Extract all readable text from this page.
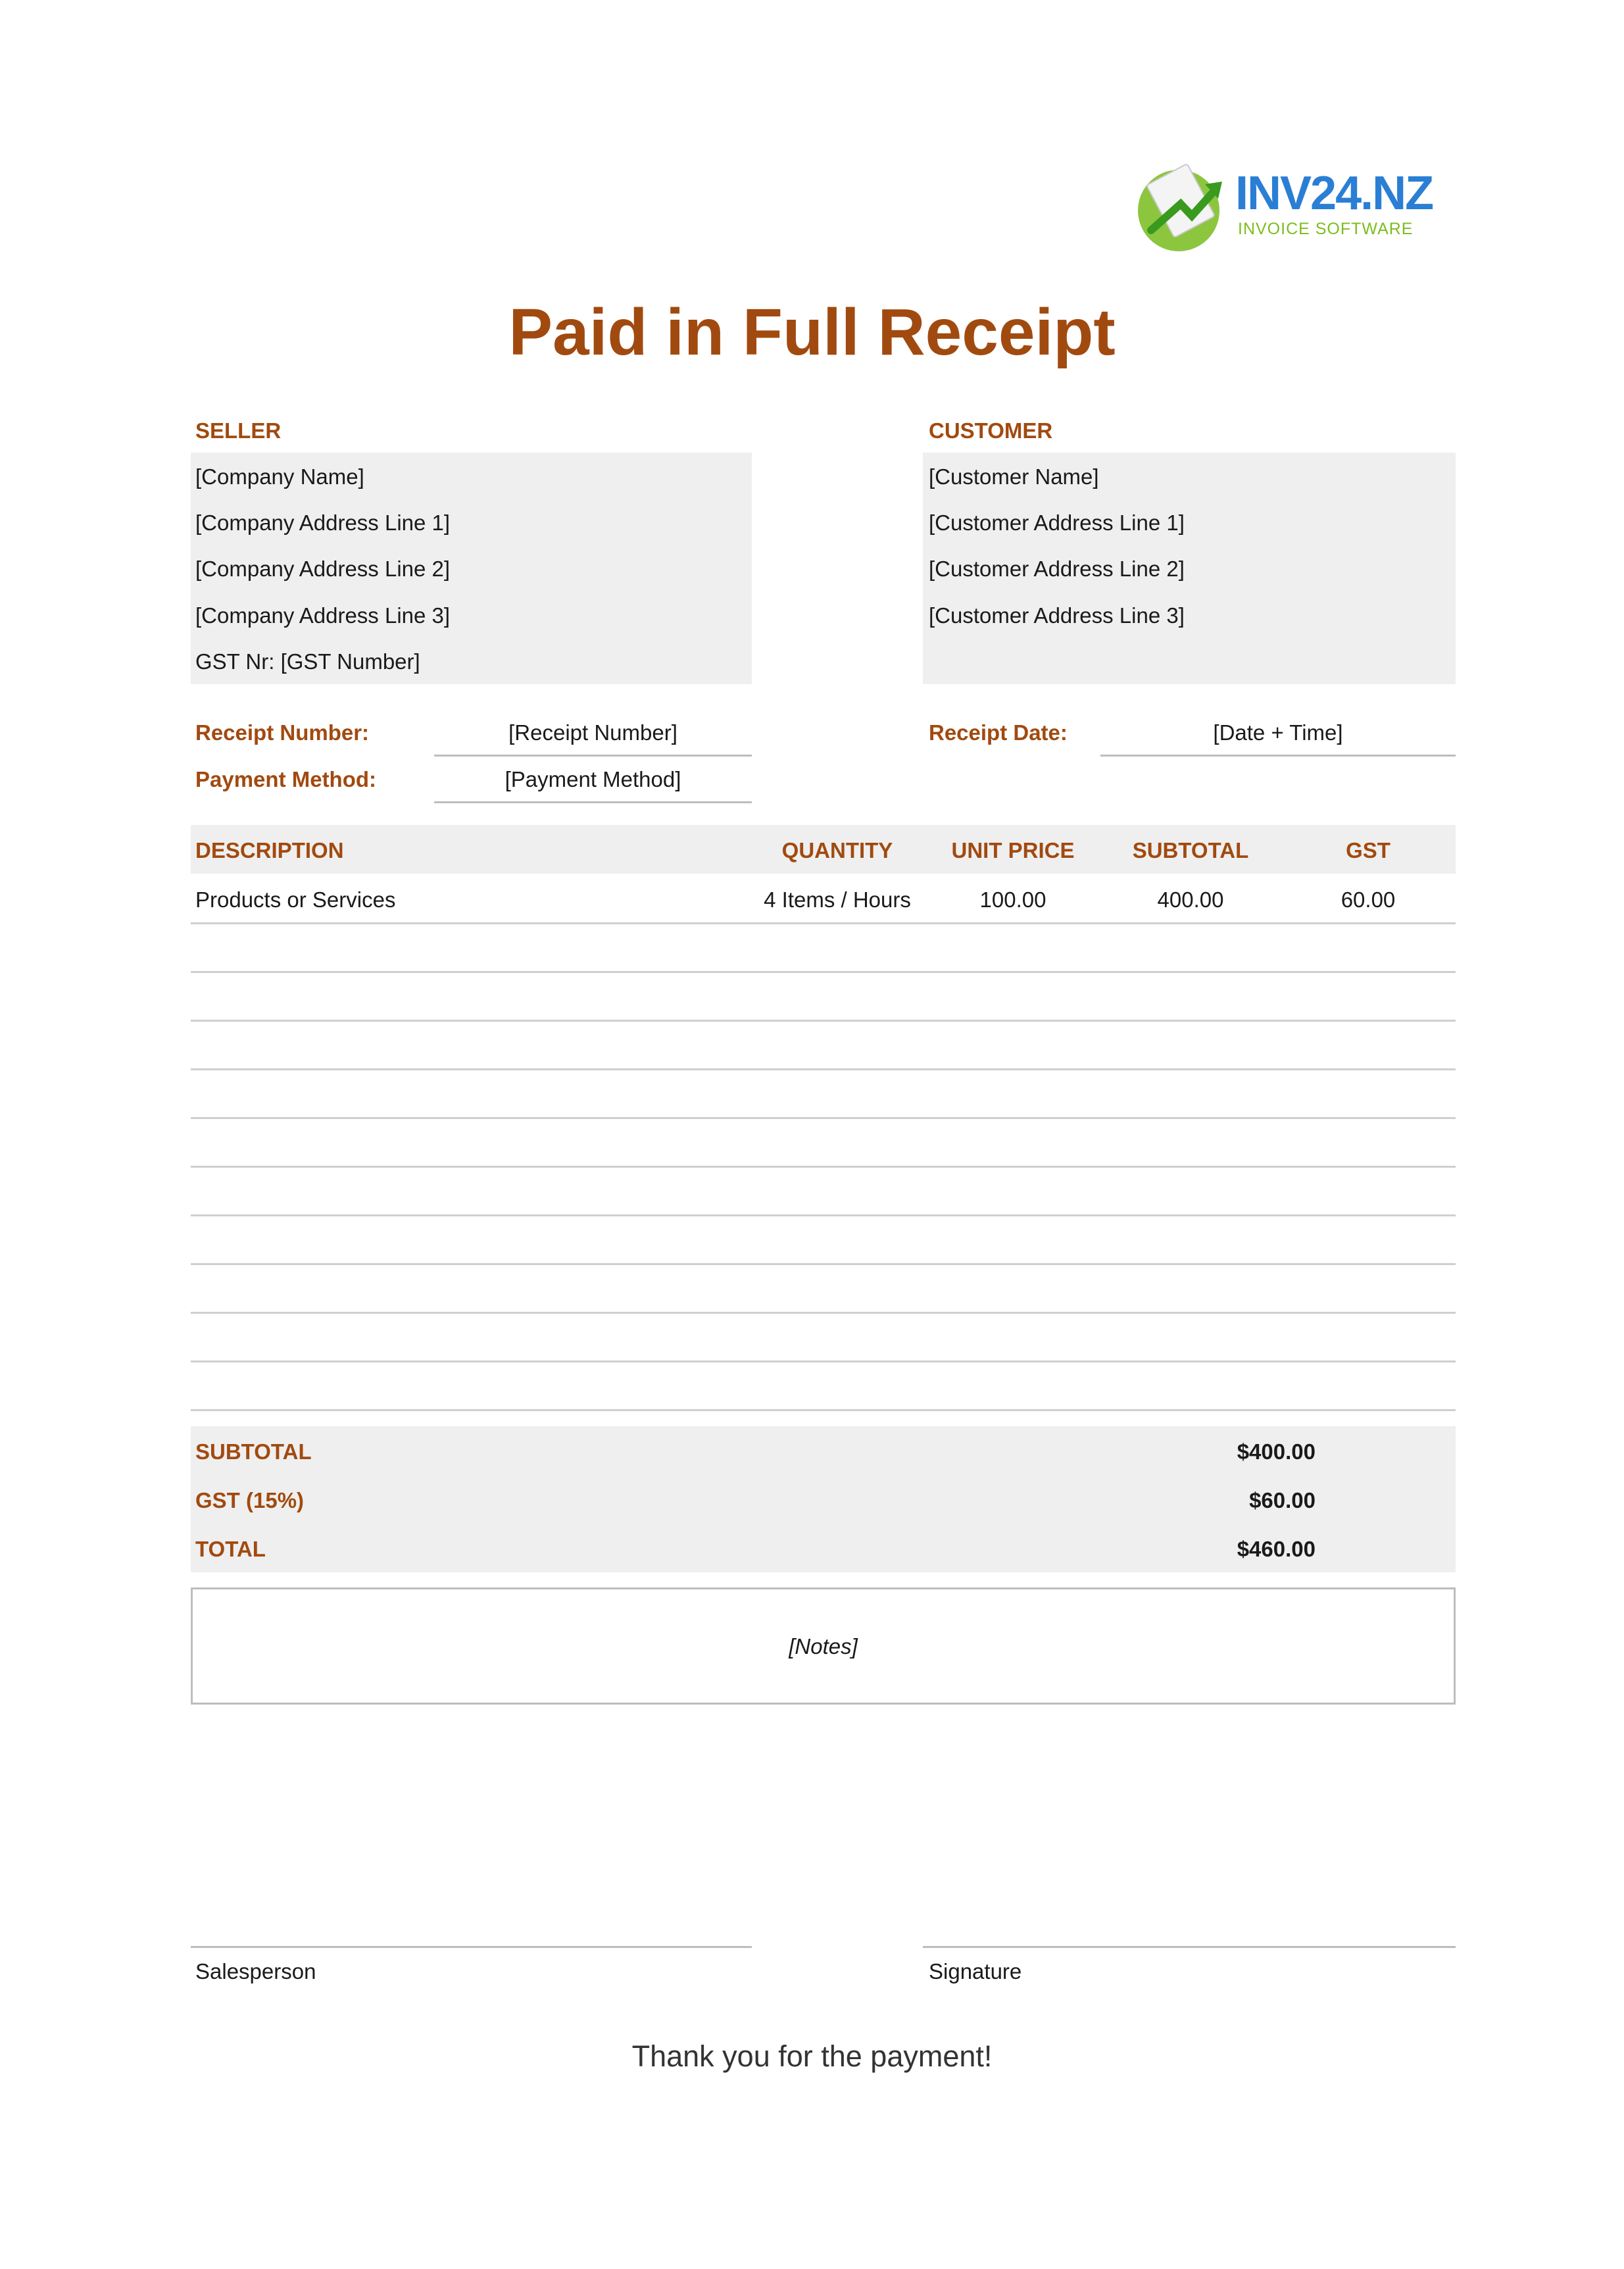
INV24.NZ
INVOICE SOFTWARE
Paid in Full Receipt
SELLER
[Company Name]
[Company Address Line 1]
[Company Address Line 2]
[Company Address Line 3]
GST Nr: [GST Number]
CUSTOMER
[Customer Name]
[Customer Address Line 1]
[Customer Address Line 2]
[Customer Address Line 3]
Receipt Number:	[Receipt Number]
Payment Method:	[Payment Method]
Receipt Date:	[Date + Time]
DESCRIPTION	QUANTITY	UNIT PRICE	SUBTOTAL	GST
Products or Services	4 Items / Hours	100.00	400.00	60.00
SUBTOTAL	$400.00
GST (15%)	$60.00
TOTAL	$460.00
[Notes]
Salesperson	Signature
Thank you for the payment!
